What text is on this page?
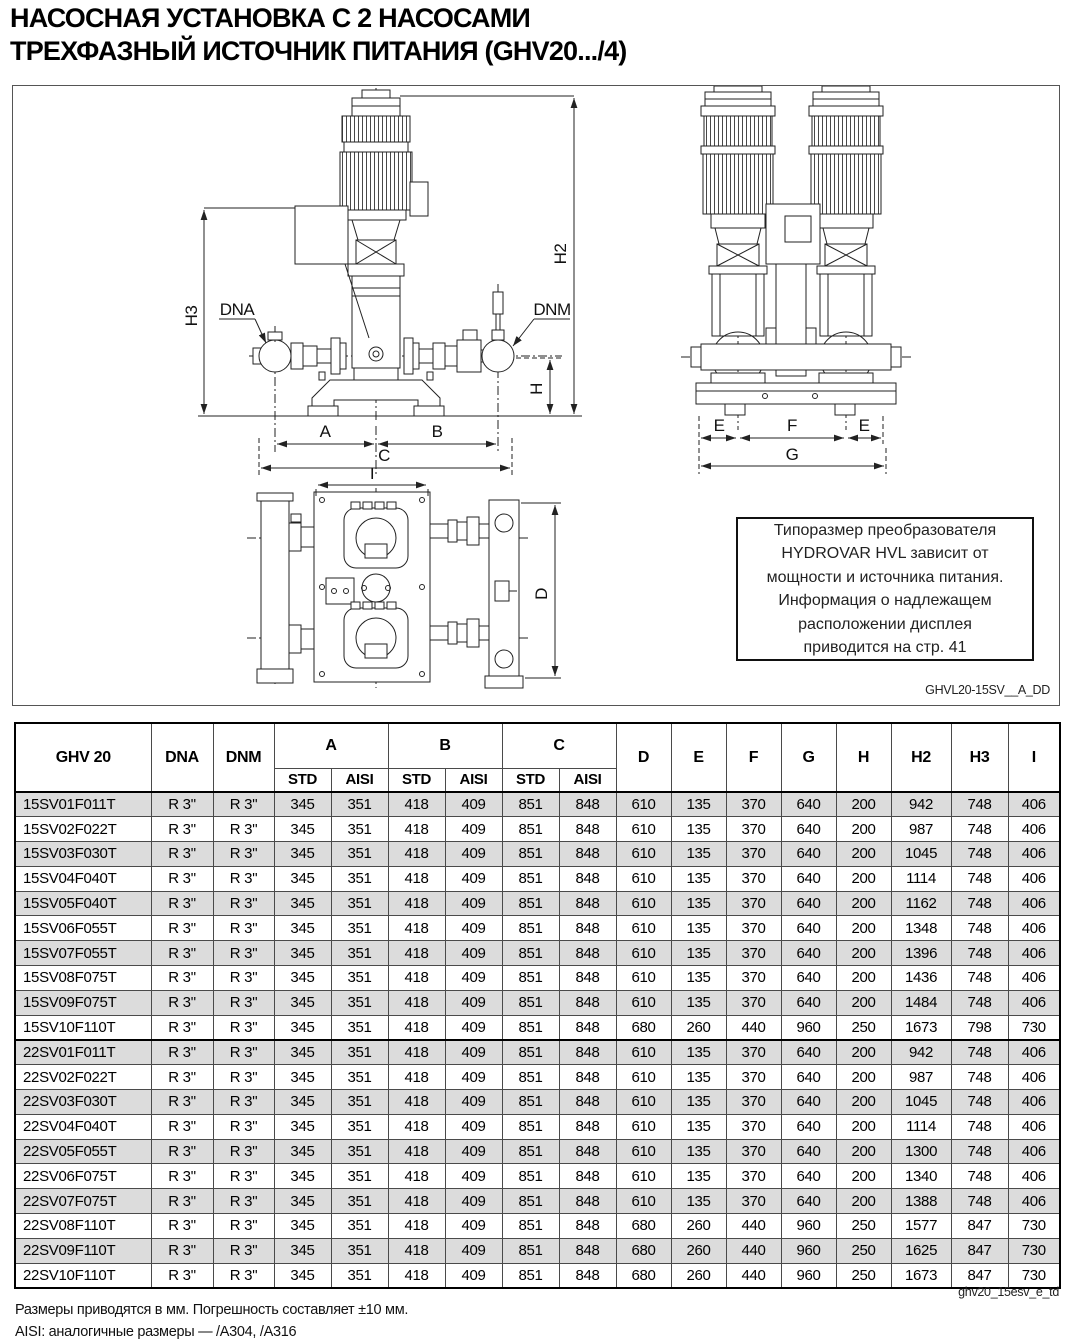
НАСОСНАЯ УСТАНОВКА С 2 НАСОСАМИ
ТРЕХФАЗНЫЙ ИСТОЧНИК ПИТАНИЯ (GHV20.../4)
H3
H2
H
DNA	DNM
A	B
C
I
D
E	F	E
G
Типоразмер преобразователя
HYDROVAR HVL зависит от
мощности и источника питания.
Информация о надлежащем
расположении дисплея
приводится на стр. 41
GHVL20-15SV__A_DD
GHV 20	DNA	DNM	A		B		C		D	E	F	G	H	H2	H3	I
			STD	AISI	STD	AISI	STD	AISI								
15SV01F011T	R 3"	R 3"	345	351	418	409	851	848	610	135	370	640	200	942	748	406
15SV02F022T	R 3"	R 3"	345	351	418	409	851	848	610	135	370	640	200	987	748	406
15SV03F030T	R 3"	R 3"	345	351	418	409	851	848	610	135	370	640	200	1045	748	406
15SV04F040T	R 3"	R 3"	345	351	418	409	851	848	610	135	370	640	200	1114	748	406
15SV05F040T	R 3"	R 3"	345	351	418	409	851	848	610	135	370	640	200	1162	748	406
15SV06F055T	R 3"	R 3"	345	351	418	409	851	848	610	135	370	640	200	1348	748	406
15SV07F055T	R 3"	R 3"	345	351	418	409	851	848	610	135	370	640	200	1396	748	406
15SV08F075T	R 3"	R 3"	345	351	418	409	851	848	610	135	370	640	200	1436	748	406
15SV09F075T	R 3"	R 3"	345	351	418	409	851	848	610	135	370	640	200	1484	748	406
15SV10F110T	R 3"	R 3"	345	351	418	409	851	848	680	260	440	960	250	1673	798	730
22SV01F011T	R 3"	R 3"	345	351	418	409	851	848	610	135	370	640	200	942	748	406
22SV02F022T	R 3"	R 3"	345	351	418	409	851	848	610	135	370	640	200	987	748	406
22SV03F030T	R 3"	R 3"	345	351	418	409	851	848	610	135	370	640	200	1045	748	406
22SV04F040T	R 3"	R 3"	345	351	418	409	851	848	610	135	370	640	200	1114	748	406
22SV05F055T	R 3"	R 3"	345	351	418	409	851	848	610	135	370	640	200	1300	748	406
22SV06F075T	R 3"	R 3"	345	351	418	409	851	848	610	135	370	640	200	1340	748	406
22SV07F075T	R 3"	R 3"	345	351	418	409	851	848	610	135	370	640	200	1388	748	406
22SV08F110T	R 3"	R 3"	345	351	418	409	851	848	680	260	440	960	250	1577	847	730
22SV09F110T	R 3"	R 3"	345	351	418	409	851	848	680	260	440	960	250	1625	847	730
22SV10F110T	R 3"	R 3"	345	351	418	409	851	848	680	260	440	960	250	1673	847	730
Размеры приводятся в мм. Погрешность составляет ±10 мм.
AISI: аналогичные размеры — /A304, /A316
ghv20_15esv_e_td
